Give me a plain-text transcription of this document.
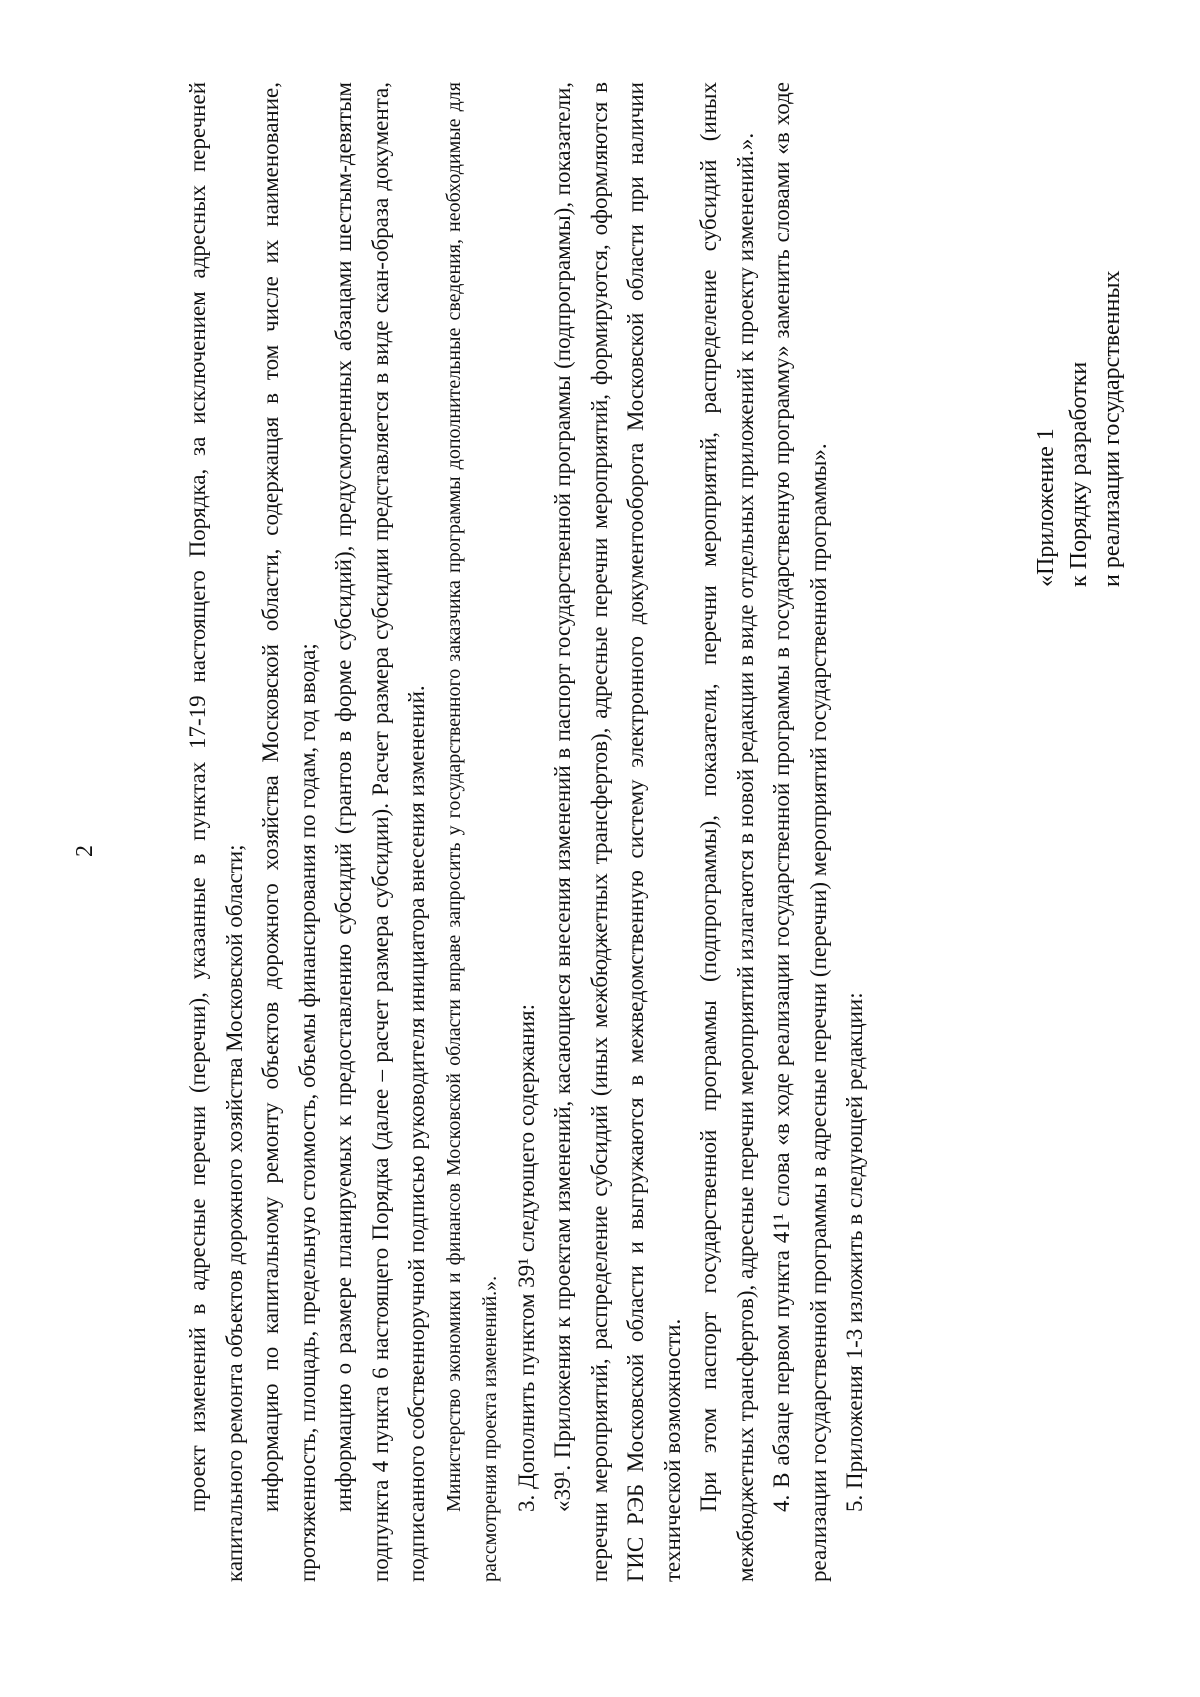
2	проект изменений в адресные перечни (перечни), указанные в пунктах 17-19 настоящего Порядка, за исключением адресных перечней капитального ремонта объектов дорожного хозяйства Московской области; информацию по капитальному ремонту объектов дорожного хозяйства Московской области, содержащая в том числе их наименование, протяженность, площадь, предельную стоимость, объемы финансирования по годам, год ввода; информацию о размере планируемых к предоставлению субсидий (грантов в форме субсидий), предусмотренных абзацами шестым-девятым подпункта 4 пункта 6 настоящего Порядка (далее – расчет размера субсидии). Расчет размера субсидии представляется в виде скан-образа документа, подписанного собственноручной подписью руководителя инициатора внесения изменений. Министерство экономики и финансов Московской области вправе запросить у государственного заказчика программы дополнительные сведения, необходимые для рассмотрения проекта изменений.». 3. Дополнить пунктом 39¹ следующего содержания: «39¹. Приложения к проектам изменений, касающиеся внесения изменений в паспорт государственной программы (подпрограммы), показатели, перечни мероприятий, распределение субсидий (иных межбюджетных трансфертов), адресные перечни мероприятий, формируются, оформляются в ГИС РЭБ Московской области и выгружаются в межведомственную систему электронного документооборота Московской области при наличии технической возможности. При этом паспорт государственной программы (подпрограммы), показатели, перечни мероприятий, распределение субсидий (иных межбюджетных трансфертов), адресные перечни мероприятий излагаются в новой редакции в виде отдельных приложений к проекту изменений.». 4. В абзаце первом пункта 41¹ слова «в ходе реализации государственной программы в государственную программу» заменить словами «в ходе реализации государственной программы в адресные перечни (перечни) мероприятий государственной программы». 5. Приложения 1-3 изложить в следующей редакции:

«Приложение 1 к Порядку разработки и реализации государственных
